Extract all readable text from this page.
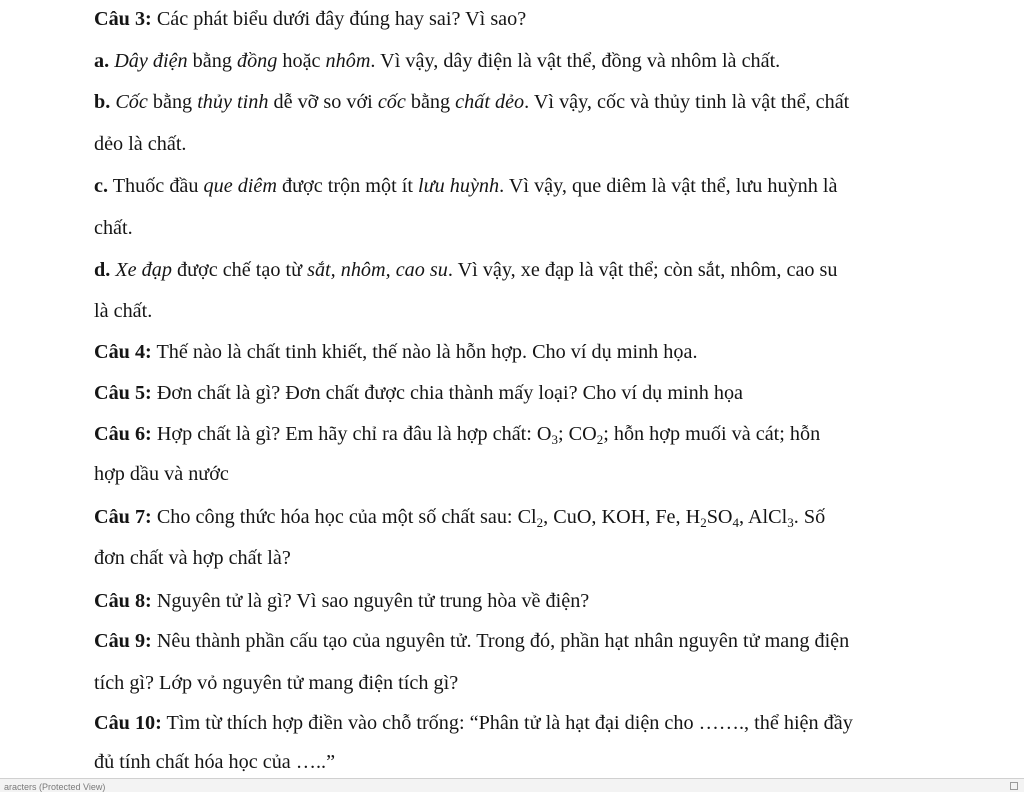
Câu 3: Các phát biểu dưới đây đúng hay sai? Vì sao?
a. Dây điện bằng đồng hoặc nhôm. Vì vậy, dây điện là vật thể, đồng và nhôm là chất.
b. Cốc bằng thủy tinh dễ vỡ so với cốc bằng chất dẻo. Vì vậy, cốc và thủy tinh là vật thể, chất
dẻo là chất.
c. Thuốc đầu que diêm được trộn một ít lưu huỳnh. Vì vậy, que diêm là vật thể, lưu huỳnh là
chất.
d. Xe đạp được chế tạo từ sắt, nhôm, cao su. Vì vậy, xe đạp là vật thể; còn sắt, nhôm, cao su
là chất.
Câu 4: Thế nào là chất tinh khiết, thế nào là hỗn hợp. Cho ví dụ minh họa.
Câu 5: Đơn chất là gì? Đơn chất được chia thành mấy loại? Cho ví dụ minh họa
Câu 6: Hợp chất là gì? Em hãy chỉ ra đâu là hợp chất: $O_3$; $CO_2$; hỗn hợp muối và cát; hỗn
hợp dầu và nước
Câu 7: Cho công thức hóa học của một số chất sau: $Cl_2$, CuO, KOH, Fe, $H_2SO_4$, AlCl$_3$. Số
đơn chất và hợp chất là?
Câu 8: Nguyên tử là gì? Vì sao nguyên tử trung hòa về điện?
Câu 9: Nêu thành phần cấu tạo của nguyên tử. Trong đó, phần hạt nhân nguyên tử mang điện
tích gì? Lớp vỏ nguyên tử mang điện tích gì?
Câu 10: Tìm từ thích hợp điền vào chỗ trống: “Phân tử là hạt đại diện cho ……., thể hiện đầy
đủ tính chất hóa học của …..”
aracters (Protected View)
